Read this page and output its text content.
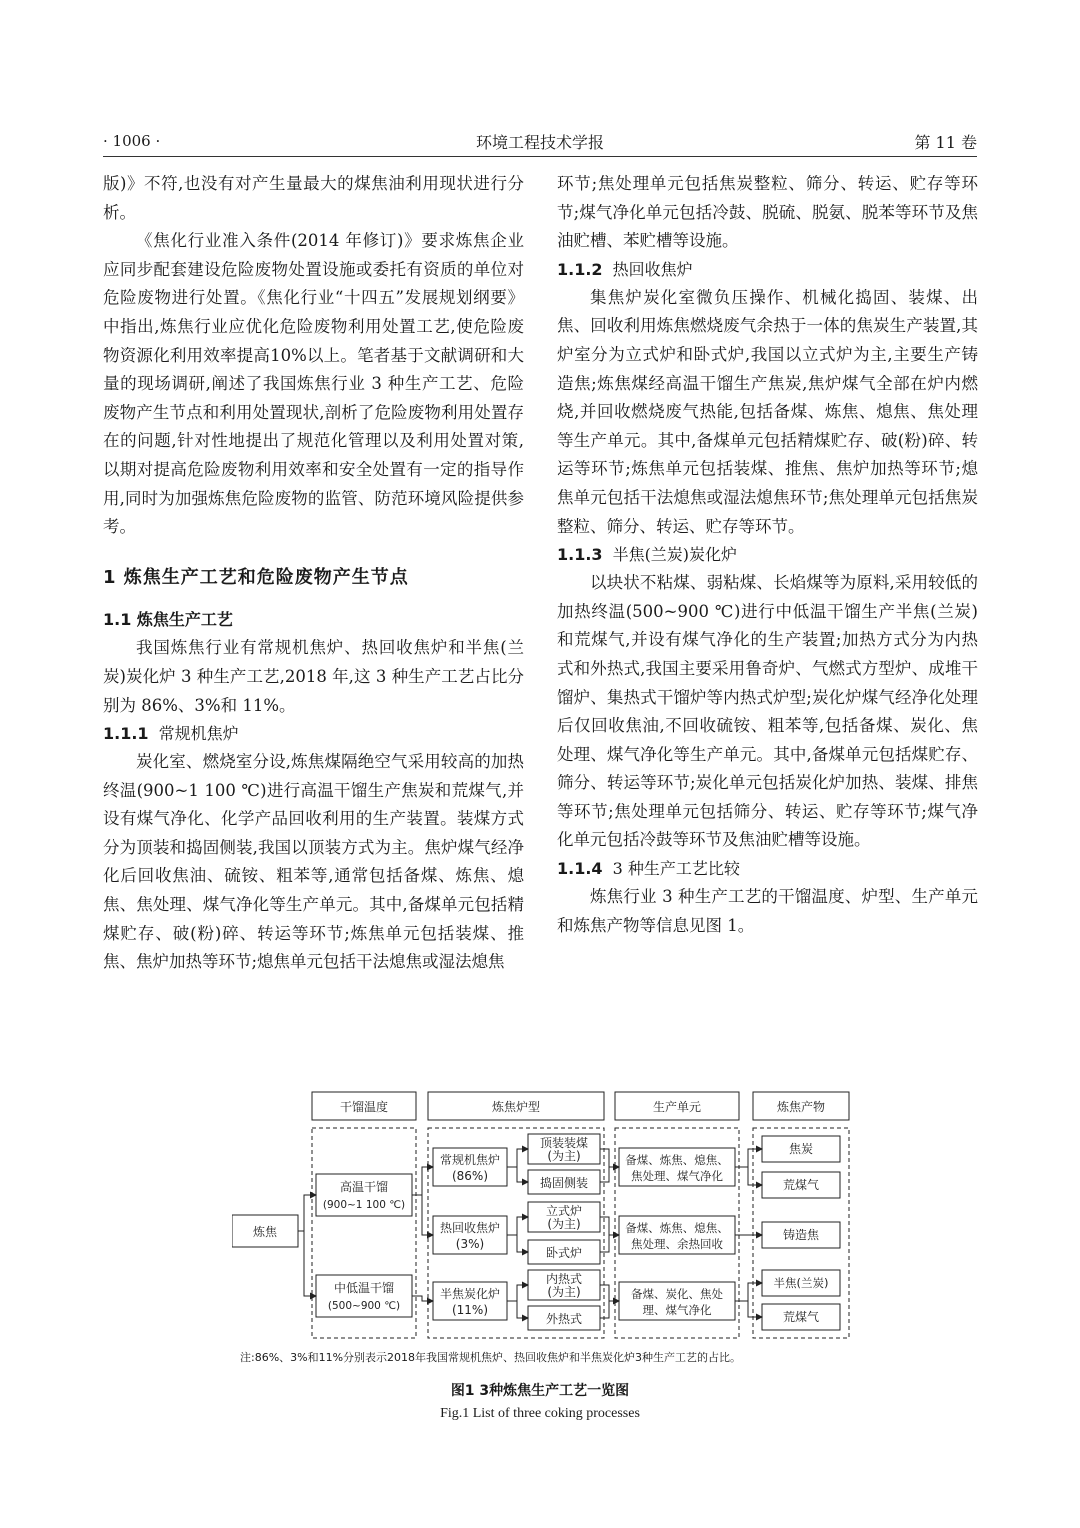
· 1006 ·	环境工程技术学报	第 11 卷

版)》不符,也没有对产生量最大的煤焦油利用现状进行分析。

《焦化行业准入条件(2014 年修订)》要求炼焦企业应同步配套建设危险废物处置设施或委托有资质的单位对危险废物进行处置。《焦化行业“十四五”发展规划纲要》中指出,炼焦行业应优化危险废物利用处置工艺,使危险废物资源化利用效率提高10%以上。笔者基于文献调研和大量的现场调研,阐述了我国炼焦行业 3 种生产工艺、危险废物产生节点和利用处置现状,剖析了危险废物利用处置存在的问题,针对性地提出了规范化管理以及利用处置对策,以期对提高危险废物利用效率和安全处置有一定的指导作用,同时为加强炼焦危险废物的监管、防范环境风险提供参考。

1 炼焦生产工艺和危险废物产生节点
1.1 炼焦生产工艺

我国炼焦行业有常规机焦炉、热回收焦炉和半焦(兰炭)炭化炉 3 种生产工艺,2018 年,这 3 种生产工艺占比分别为 86%、3%和 11%。

1.1.1 常规机焦炉

炭化室、燃烧室分设,炼焦煤隔绝空气采用较高的加热终温(900~1 100 ℃)进行高温干馏生产焦炭和荒煤气,并设有煤气净化、化学产品回收利用的生产装置。装煤方式分为顶装和捣固侧装,我国以顶装方式为主。焦炉煤气经净化后回收焦油、硫铵、粗苯等,通常包括备煤、炼焦、熄焦、焦处理、煤气净化等生产单元。其中,备煤单元包括精煤贮存、破(粉)碎、转运等环节;炼焦单元包括装煤、推焦、焦炉加热等环节;熄焦单元包括干法熄焦或湿法熄焦

环节;焦处理单元包括焦炭整粒、筛分、转运、贮存等环节;煤气净化单元包括冷鼓、脱硫、脱氨、脱苯等环节及焦油贮槽、苯贮槽等设施。

1.1.2 热回收焦炉

集焦炉炭化室微负压操作、机械化捣固、装煤、出焦、回收利用炼焦燃烧废气余热于一体的焦炭生产装置,其炉室分为立式炉和卧式炉,我国以立式炉为主,主要生产铸造焦;炼焦煤经高温干馏生产焦炭,焦炉煤气全部在炉内燃烧,并回收燃烧废气热能,包括备煤、炼焦、熄焦、焦处理等生产单元。其中,备煤单元包括精煤贮存、破(粉)碎、转运等环节;炼焦单元包括装煤、推焦、焦炉加热等环节;熄焦单元包括干法熄焦或湿法熄焦环节;焦处理单元包括焦炭整粒、筛分、转运、贮存等环节。

1.1.3 半焦(兰炭)炭化炉

以块状不粘煤、弱粘煤、长焰煤等为原料,采用较低的加热终温(500~900 ℃)进行中低温干馏生产半焦(兰炭)和荒煤气,并设有煤气净化的生产装置;加热方式分为内热式和外热式,我国主要采用鲁奇炉、气燃式方型炉、成堆干馏炉、集热式干馏炉等内热式炉型;炭化炉煤气经净化处理后仅回收焦油,不回收硫铵、粗苯等,包括备煤、炭化、焦处理、煤气净化等生产单元。其中,备煤单元包括煤贮存、筛分、转运等环节;炭化单元包括炭化炉加热、装煤、排焦等环节;焦处理单元包括筛分、转运、贮存等环节;煤气净化单元包括冷鼓等环节及焦油贮槽等设施。

1.1.4 3 种生产工艺比较

炼焦行业 3 种生产工艺的干馏温度、炉型、生产单元和炼焦产物等信息见图 1。

干馏温度	炼焦炉型	生产单元	炼焦产物
炼焦
高温干馏
(900~1 100 ℃)
中低温干馏
(500~900 ℃)
常规机焦炉
(86%)
热回收焦炉
(3%)
半焦炭化炉
(11%)
顶装装煤
(为主)
捣固侧装
立式炉
(为主)
卧式炉
内热式
(为主)
外热式
备煤、炼焦、熄焦、
焦处理、煤气净化
备煤、炼焦、熄焦、
焦处理、余热回收
备煤、炭化、焦处
理、煤气净化
焦炭
荒煤气
铸造焦
半焦(兰炭)
荒煤气
注:86%、3%和11%分别表示2018年我国常规机焦炉、热回收焦炉和半焦炭化炉3种生产工艺的占比。
图1 3种炼焦生产工艺一览图
Fig.1 List of three coking processes
